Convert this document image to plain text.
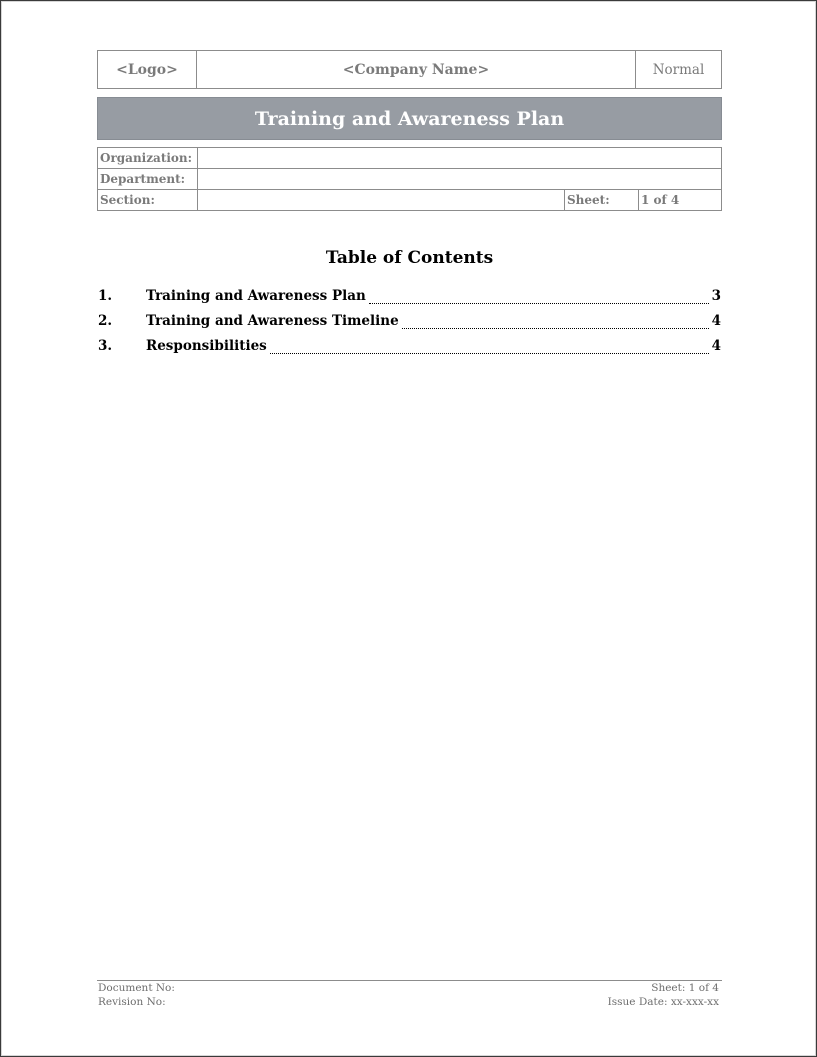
<Logo>	<Company Name>	Normal
Training and Awareness Plan
Organization:			
Department:			
Section:		Sheet:	1 of 4
Table of Contents
1.	Training and Awareness Plan	3
2.	Training and Awareness Timeline	4
3.	Responsibilities	4
Document No:
Revision No:
Sheet: 1 of 4
Issue Date: xx-xxx-xx
